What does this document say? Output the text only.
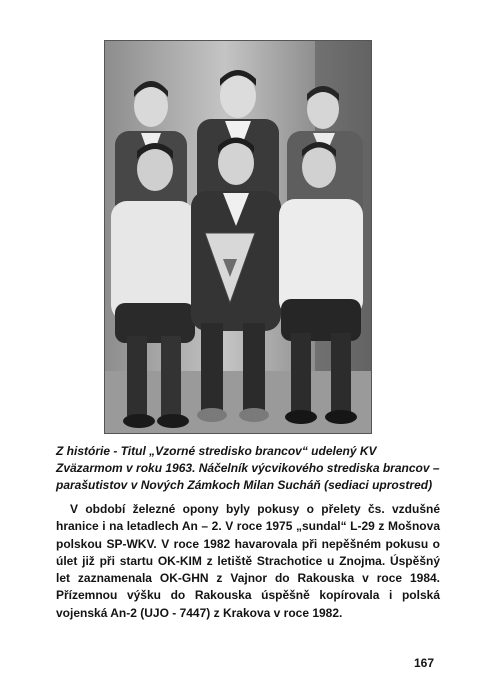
Z histórie - Titul „Vzorné stredisko brancov“ udelený KV Zväzarmom v roku 1963. Náčelník výcvikového strediska brancov – parašutistov v Nových Zámkoch Milan Sucháň (sediaci uprostred)

V období železné opony byly pokusy o přelety čs. vzdušné hranice i na letadlech An – 2. V roce 1975 „sundal“ L-29 z Mošnova polskou SP-WKV. V roce 1982 havarovala při nepěšném pokusu o úlet již při startu OK-KIM z letiště Strachotice u Znojma. Úspěšný let zaznamenala OK-GHN z Vajnor do Rakouska v roce 1984. Přízemnou výšku do Rakouska úspěšně kopírovala i polská vojenská An-2 (UJO - 7447) z Krakova v roce 1982.

167
